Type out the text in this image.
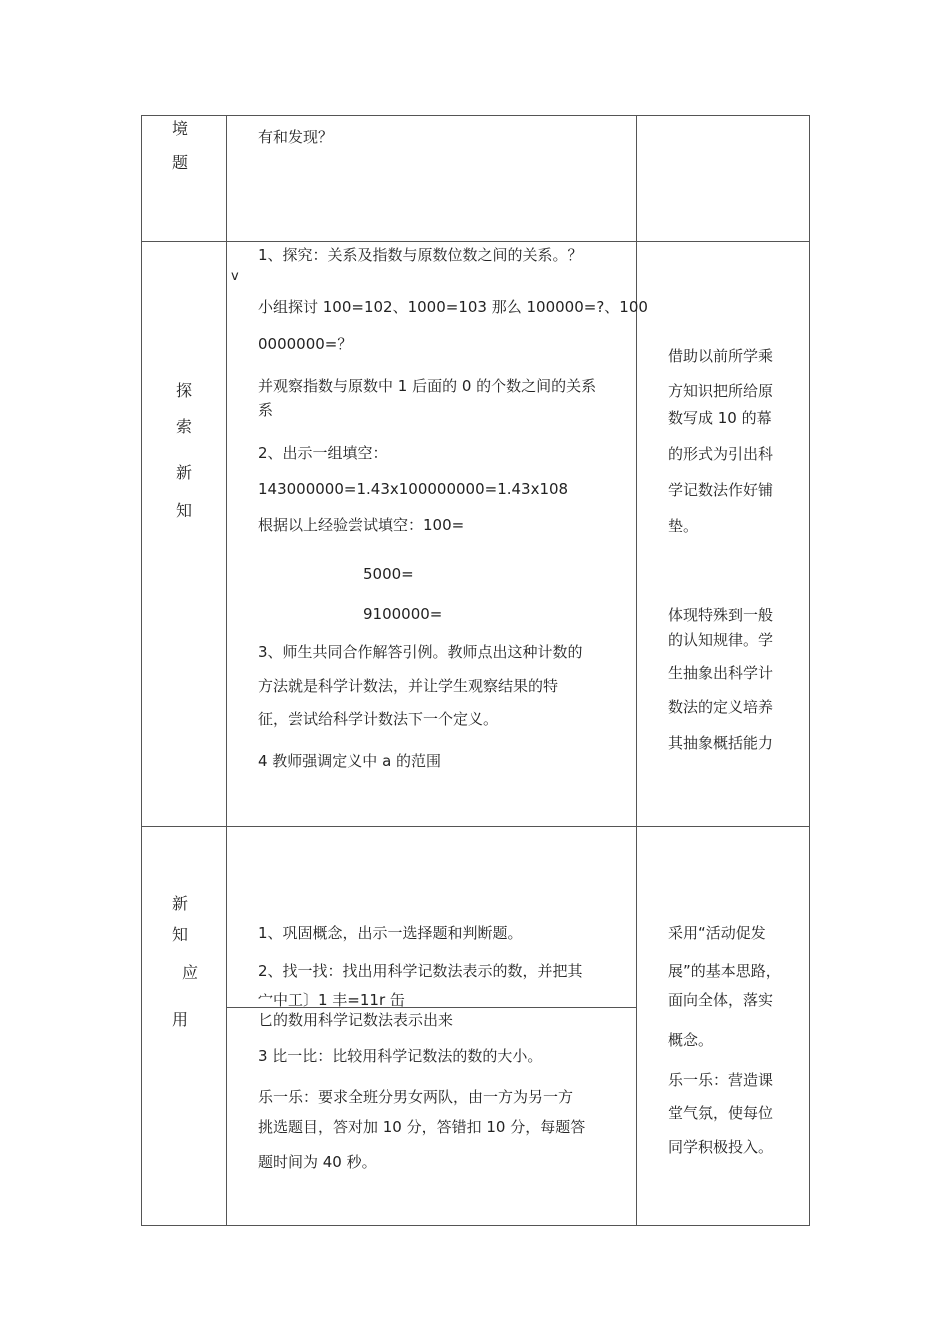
境
题
有和发现？
探
索
新
知
1、探究：关系及指数与原数位数之间的关系。？
v
小组探讨 100=102、1000=103 那么 100000=?、100
0000000=？
并观察指数与原数中 1 后面的 0 的个数之间的关系
系
2、出示一组填空：
143000000=1.43x100000000=1.43x108
根据以上经验尝试填空：100=
5000=
9100000=
3、师生共同合作解答引例。教师点出这种计数的
方法就是科学计数法，并让学生观察结果的特
征，尝试给科学计数法下一个定义。
4 教师强调定义中 a 的范围
借助以前所学乘
方知识把所给原
数写成 10 的幕
的形式为引出科
学记数法作好铺
垫。
体现特殊到一般
的认知规律。学
生抽象出科学计
数法的定义培养
其抽象概括能力
新
知
应
用
1、巩固概念，出示一选择题和判断题。
2、找一找：找出用科学记数法表示的数，并把其
宀中工〕1 丰=11r 缶
匕的数用科学记数法表示出来
3 比一比：比较用科学记数法的数的大小。
乐一乐：要求全班分男女两队，由一方为另一方
挑选题目，答对加 10 分，答错扣 10 分，每题答
题时间为 40 秒。
采用“活动促发
展”的基本思路，
面向全体，落实
概念。
乐一乐：营造课
堂气氛，使每位
同学积极投入。
